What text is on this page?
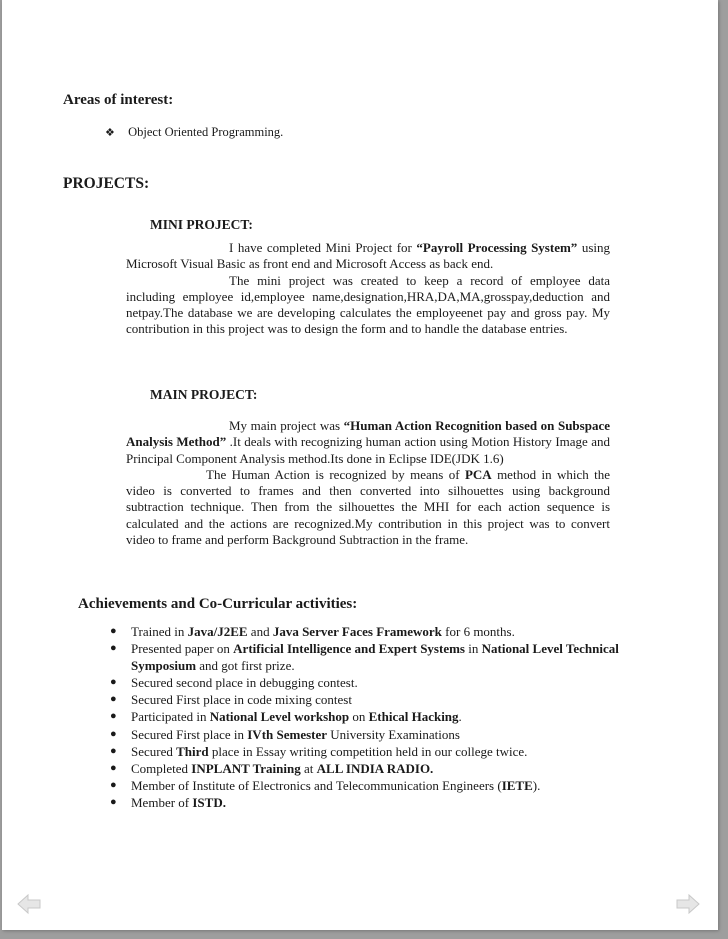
Areas of interest:
❖ Object Oriented Programming.
PROJECTS:
MINI PROJECT:

I have completed Mini Project for “Payroll Processing System” using Microsoft Visual Basic as front end and Microsoft Access as back end.

The mini project was created to keep a record of employee data including employee id,employee name,designation,HRA,DA,MA,grosspay,deduction and netpay.The database we are developing calculates the employeenet pay and gross pay. My contribution in this project was to design the form and to handle the database entries.

MAIN PROJECT:

My main project was “Human Action Recognition based on Subspace Analysis Method” .It deals with recognizing human action using Motion History Image and Principal Component Analysis method.Its done in Eclipse IDE(JDK 1.6)

The Human Action is recognized by means of PCA method in which the video is converted to frames and then converted into silhouettes using background subtraction technique. Then from the silhouettes the MHI for each action sequence is calculated and the actions are recognized.My contribution in this project was to convert video to frame and perform Background Subtraction in the frame.

Achievements and Co-Curricular activities:
● Trained in Java/J2EE and Java Server Faces Framework for 6 months.
● Presented paper on Artificial Intelligence and Expert Systems in National Level Technical Symposium and got first prize.
● Secured second place in debugging contest.
● Secured First place in code mixing contest
● Participated in National Level workshop on Ethical Hacking.
● Secured First place in IVth Semester University Examinations
● Secured Third place in Essay writing competition held in our college twice.
● Completed INPLANT Training at ALL INDIA RADIO.
● Member of Institute of Electronics and Telecommunication Engineers (IETE).
● Member of ISTD.
